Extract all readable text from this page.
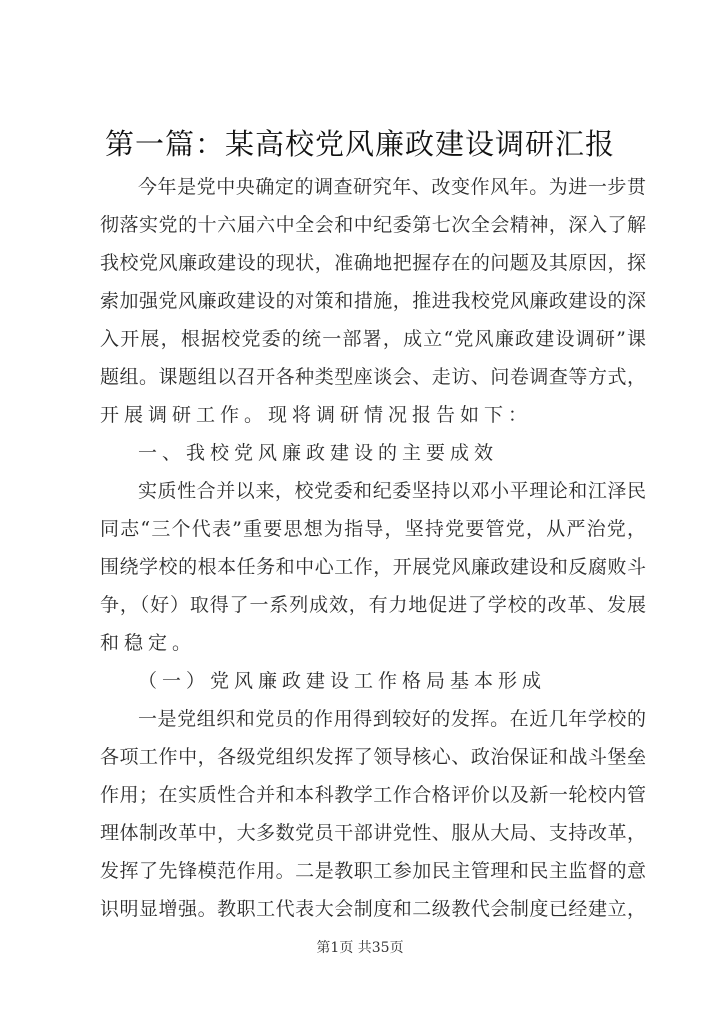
第一篇：某高校党风廉政建设调研汇报
今年是党中央确定的调查研究年、改变作风年。为进一步贯
彻落实党的十六届六中全会和中纪委第七次全会精神，深入了解
我校党风廉政建设的现状，准确地把握存在的问题及其原因，探
索加强党风廉政建设的对策和措施，推进我校党风廉政建设的深
入开展，根据校党委的统一部署，成立“党风廉政建设调研”课
题组。课题组以召开各种类型座谈会、走访、问卷调查等方式，
开展调研工作。现将调研情况报告如下：
一、我校党风廉政建设的主要成效
实质性合并以来，校党委和纪委坚持以邓小平理论和江泽民
同志“三个代表”重要思想为指导，坚持党要管党，从严治党，
围绕学校的根本任务和中心工作，开展党风廉政建设和反腐败斗
争，（好）取得了一系列成效，有力地促进了学校的改革、发展
和稳定。
（一）党风廉政建设工作格局基本形成
一是党组织和党员的作用得到较好的发挥。在近几年学校的
各项工作中，各级党组织发挥了领导核心、政治保证和战斗堡垒
作用；在实质性合并和本科教学工作合格评价以及新一轮校内管
理体制改革中，大多数党员干部讲党性、服从大局、支持改革，
发挥了先锋模范作用。二是教职工参加民主管理和民主监督的意
识明显增强。教职工代表大会制度和二级教代会制度已经建立，
第1页 共35页
